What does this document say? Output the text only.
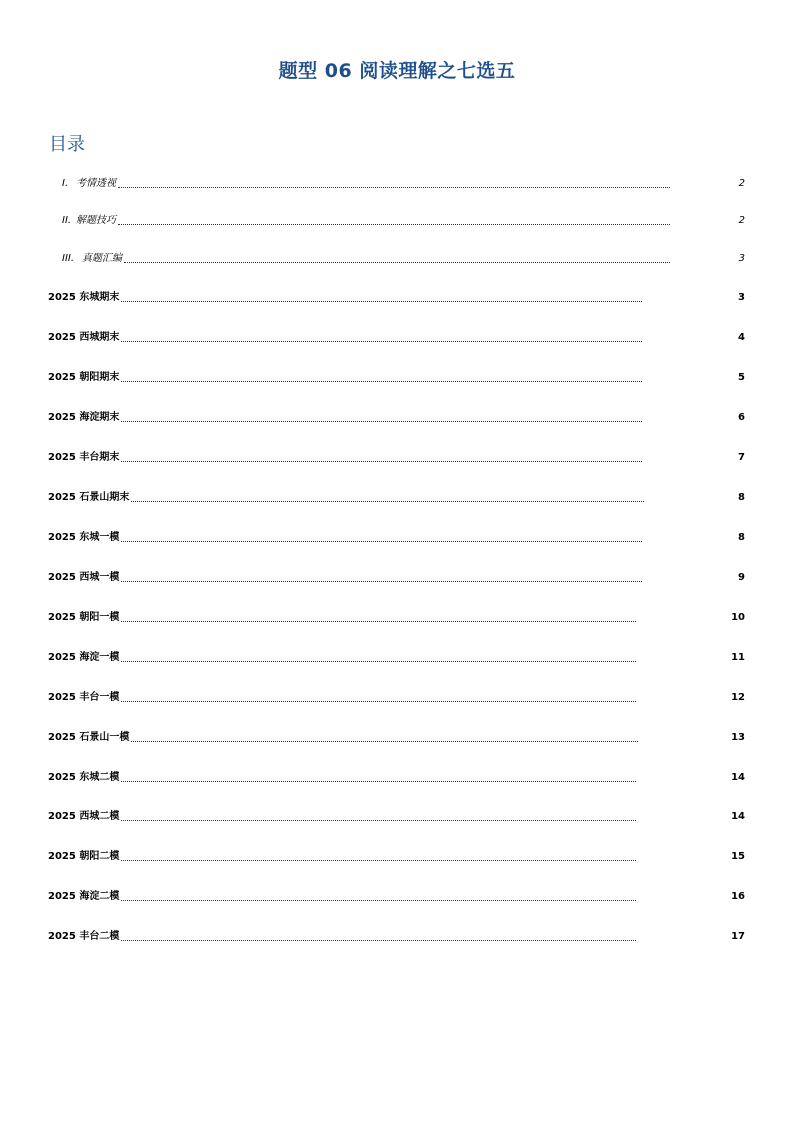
题型 06 阅读理解之七选五
目录
I. 考情透视	2
II. 解题技巧	2
III. 真题汇编	3
2025 东城期末	3
2025 西城期末	4
2025 朝阳期末	5
2025 海淀期末	6
2025 丰台期末	7
2025 石景山期末	8
2025 东城一模	8
2025 西城一模	9
2025 朝阳一模	10
2025 海淀一模	11
2025 丰台一模	12
2025 石景山一模	13
2025 东城二模	14
2025 西城二模	14
2025 朝阳二模	15
2025 海淀二模	16
2025 丰台二模	17
